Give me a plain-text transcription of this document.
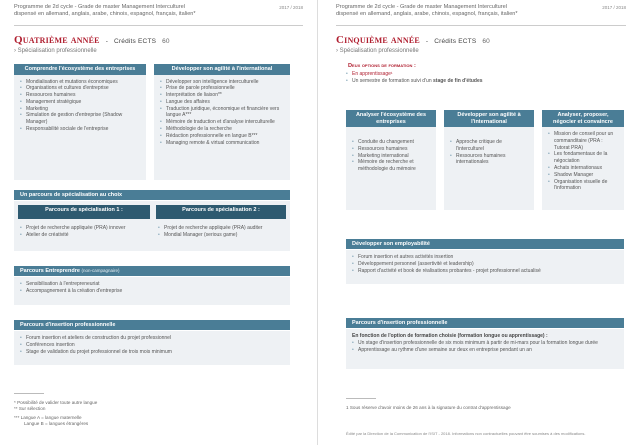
Programme de 2d cycle - Grade de master Management Interculturel
dispensé en allemand, anglais, arabe, chinois, espagnol, français, italien*
2017 / 2018
Quatrième année - Crédits ECTS 60
› Spécialisation professionnelle
Comprendre l'écosystème des entreprises
• Mondialisation et mutations économiques
• Organisations et cultures d'entreprise
• Ressources humaines
• Management stratégique
• Marketing
• Simulation de gestion d'entreprise (Shadow Manager)
• Responsabilité sociale de l'entreprise
Développer son agilité à l'international
• Développer son intelligence interculturelle
• Prise de parole professionnelle
• Interprétation de liaison**
• Langue des affaires
• Traduction juridique, économique et financière vers langue A***
• Mémoire de traduction et d'analyse interculturelle
• Méthodologie de la recherche
• Rédaction professionnelle en langue B***
• Managing remote & virtual communication
Un parcours de spécialisation au choix
Parcours de spécialisation 1 :	Parcours de spécialisation 2 :
• Projet de recherche appliquée (PRA) innover
• Atelier de créativité
• Projet de recherche appliquée (PRA) auditer
• Mondial Manager (serious game)
Parcours Entreprendre (non-campagnaire)
• Sensibilisation à l'entrepreneuriat
• Accompagnement à la création d'entreprise
Parcours d'insertion professionnelle
• Forum insertion et ateliers de construction du projet professionnel
• Conférences insertion
• Stage de validation du projet professionnel de trois mois minimum
* Possibilité de valider toute autre langue
** Sur sélection
*** Langue A = langue maternelle
Langue B = langues étrangères
Programme de 2d cycle - Grade de master Management Interculturel
dispensé en allemand, anglais, arabe, chinois, espagnol, français, italien*
2017 / 2018
Cinquième année - Crédits ECTS 60
› Spécialisation professionnelle
Deux options de formation :
• En apprentissage¹
• Un semestre de formation suivi d'un stage de fin d'études
Analyser l'écosystème des entreprises
• Conduite du changement
• Ressources humaines
• Marketing international
• Mémoire de recherche et méthodologie du mémoire
Développer son agilité à l'international
• Approche critique de l'interculturel
• Ressources humaines internationales
Analyser, proposer, négocier et convaincre
• Mission de conseil pour un commanditaire (PRA : Tutorat PRA)
• Les fondamentaux de la négociation
• Achats internationaux
• Shadow Manager
• Organisation visuelle de l'information
Développer son employabilité
• Forum insertion et autres activités insertion
• Développement personnel (assertivité et leadership)
• Rapport d'activité et book de réalisations probantes - projet professionnel actualisé
Parcours d'insertion professionnelle
En fonction de l'option de formation choisie (formation longue ou apprentissage) :
• Un stage d'insertion professionnelle de six mois minimum à partir de mi-mars pour la formation longue durée
• Apprentissage au rythme d'une semaine sur deux en entreprise pendant un an
1 Sous réserve d'avoir moins de 26 ans à la signature du contrat d'apprentissage
Édité par la Direction de la Communication de l'ISIT - 2018. Informations non contractuelles pouvant être soumises à des modifications.
